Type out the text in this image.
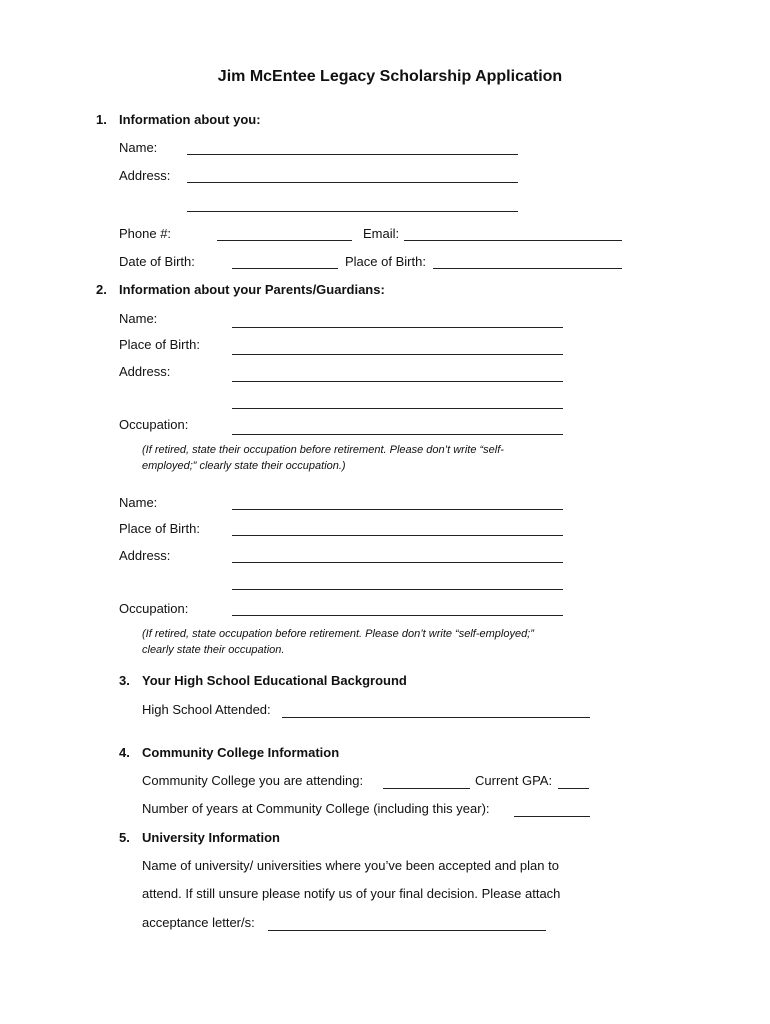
Jim McEntee Legacy Scholarship Application
1. Information about you:
Name:
Address:
Phone #:	Email:
Date of Birth:	Place of Birth:
2. Information about your Parents/Guardians:
Name:
Place of Birth:
Address:
Occupation:
(If retired, state their occupation before retirement. Please don’t write “self-
employed;” clearly state their occupation.)
Name:
Place of Birth:
Address:
Occupation:
(If retired, state occupation before retirement. Please don’t write “self-employed;”
clearly state their occupation.
3. Your High School Educational Background
High School Attended:
4. Community College Information
Community College you are attending:	Current GPA:
Number of years at Community College (including this year):
5. University Information
Name of university/ universities where you’ve been accepted and plan to
attend. If still unsure please notify us of your final decision. Please attach
acceptance letter/s:
